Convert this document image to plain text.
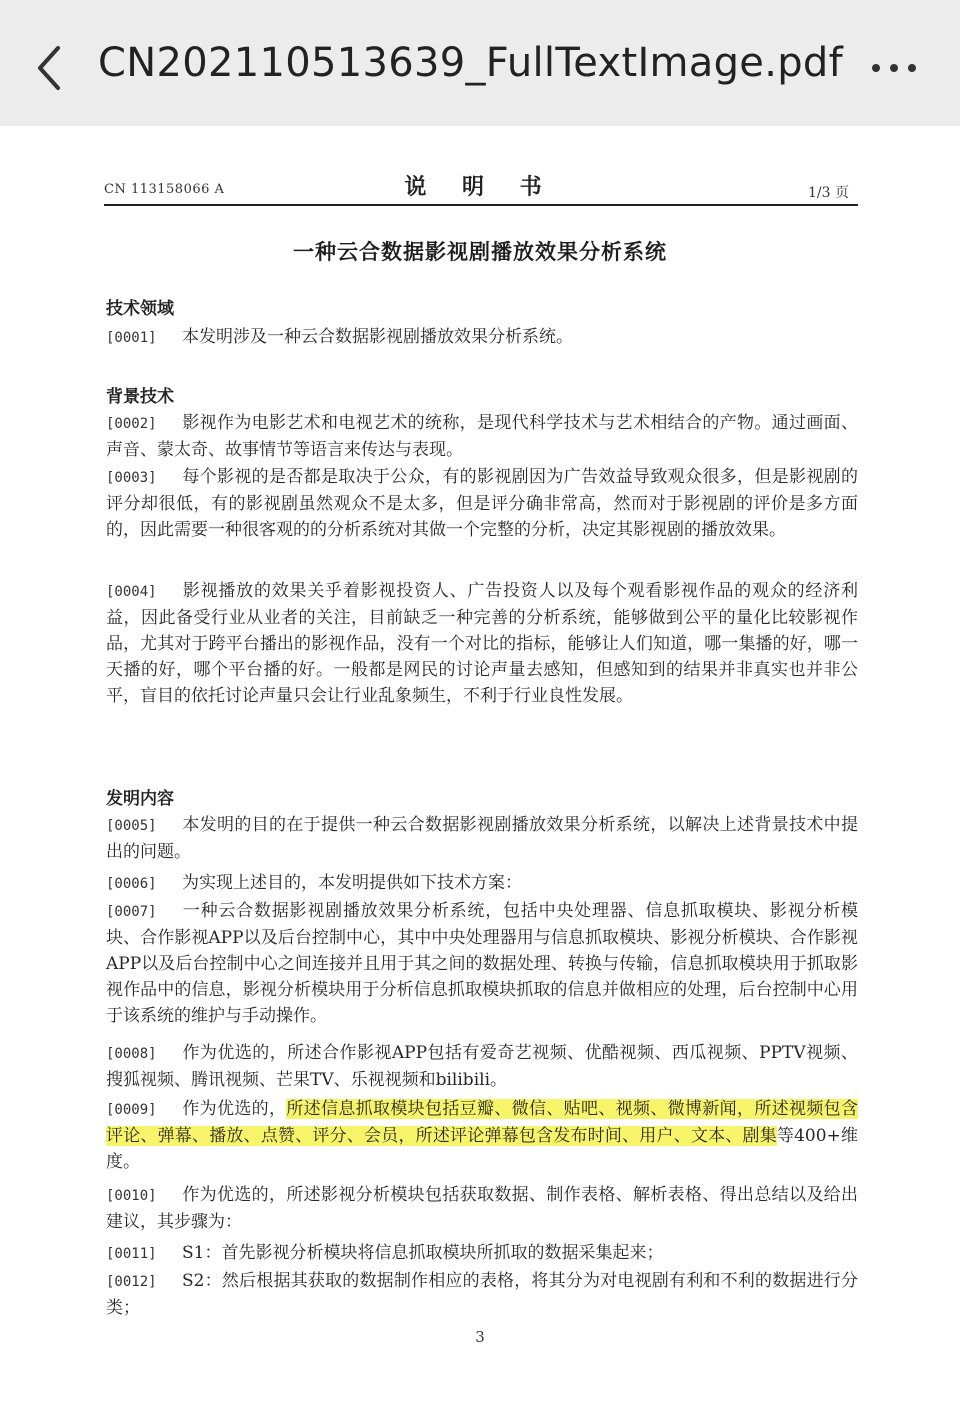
CN202110513639_FullTextImage.pdf
CN 113158066 A	说 明 书	1/3 页
一种云合数据影视剧播放效果分析系统
技术领域
[0001] 本发明涉及一种云合数据影视剧播放效果分析系统。
背景技术
[0002] 影视作为电影艺术和电视艺术的统称，是现代科学技术与艺术相结合的产物。通过画面、声音、蒙太奇、故事情节等语言来传达与表现。
[0003] 每个影视的是否都是取决于公众，有的影视剧因为广告效益导致观众很多，但是影视剧的评分却很低，有的影视剧虽然观众不是太多，但是评分确非常高，然而对于影视剧的评价是多方面的，因此需要一种很客观的的分析系统对其做一个完整的分析，决定其影视剧的播放效果。
[0004] 影视播放的效果关乎着影视投资人、广告投资人以及每个观看影视作品的观众的经济利益，因此备受行业从业者的关注，目前缺乏一种完善的分析系统，能够做到公平的量化比较影视作品，尤其对于跨平台播出的影视作品，没有一个对比的指标，能够让人们知道，哪一集播的好，哪一天播的好，哪个平台播的好。一般都是网民的讨论声量去感知，但感知到的结果并非真实也并非公平，盲目的依托讨论声量只会让行业乱象频生，不利于行业良性发展。
发明内容
[0005] 本发明的目的在于提供一种云合数据影视剧播放效果分析系统，以解决上述背景技术中提出的问题。
[0006] 为实现上述目的，本发明提供如下技术方案：
[0007] 一种云合数据影视剧播放效果分析系统，包括中央处理器、信息抓取模块、影视分析模块、合作影视APP以及后台控制中心，其中中央处理器用与信息抓取模块、影视分析模块、合作影视APP以及后台控制中心之间连接并且用于其之间的数据处理、转换与传输，信息抓取模块用于抓取影视作品中的信息，影视分析模块用于分析信息抓取模块抓取的信息并做相应的处理，后台控制中心用于该系统的维护与手动操作。
[0008] 作为优选的，所述合作影视APP包括有爱奇艺视频、优酷视频、西瓜视频、PPTV视频、搜狐视频、腾讯视频、芒果TV、乐视视频和bilibili。
[0009] 作为优选的，所述信息抓取模块包括豆瓣、微信、贴吧、视频、微博新闻，所述视频包含评论、弹幕、播放、点赞、评分、会员，所述评论弹幕包含发布时间、用户、文本、剧集等400+维度。
[0010] 作为优选的，所述影视分析模块包括获取数据、制作表格、解析表格、得出总结以及给出建议，其步骤为：
[0011] S1：首先影视分析模块将信息抓取模块所抓取的数据采集起来；
[0012] S2：然后根据其获取的数据制作相应的表格，将其分为对电视剧有利和不利的数据进行分类；
3
